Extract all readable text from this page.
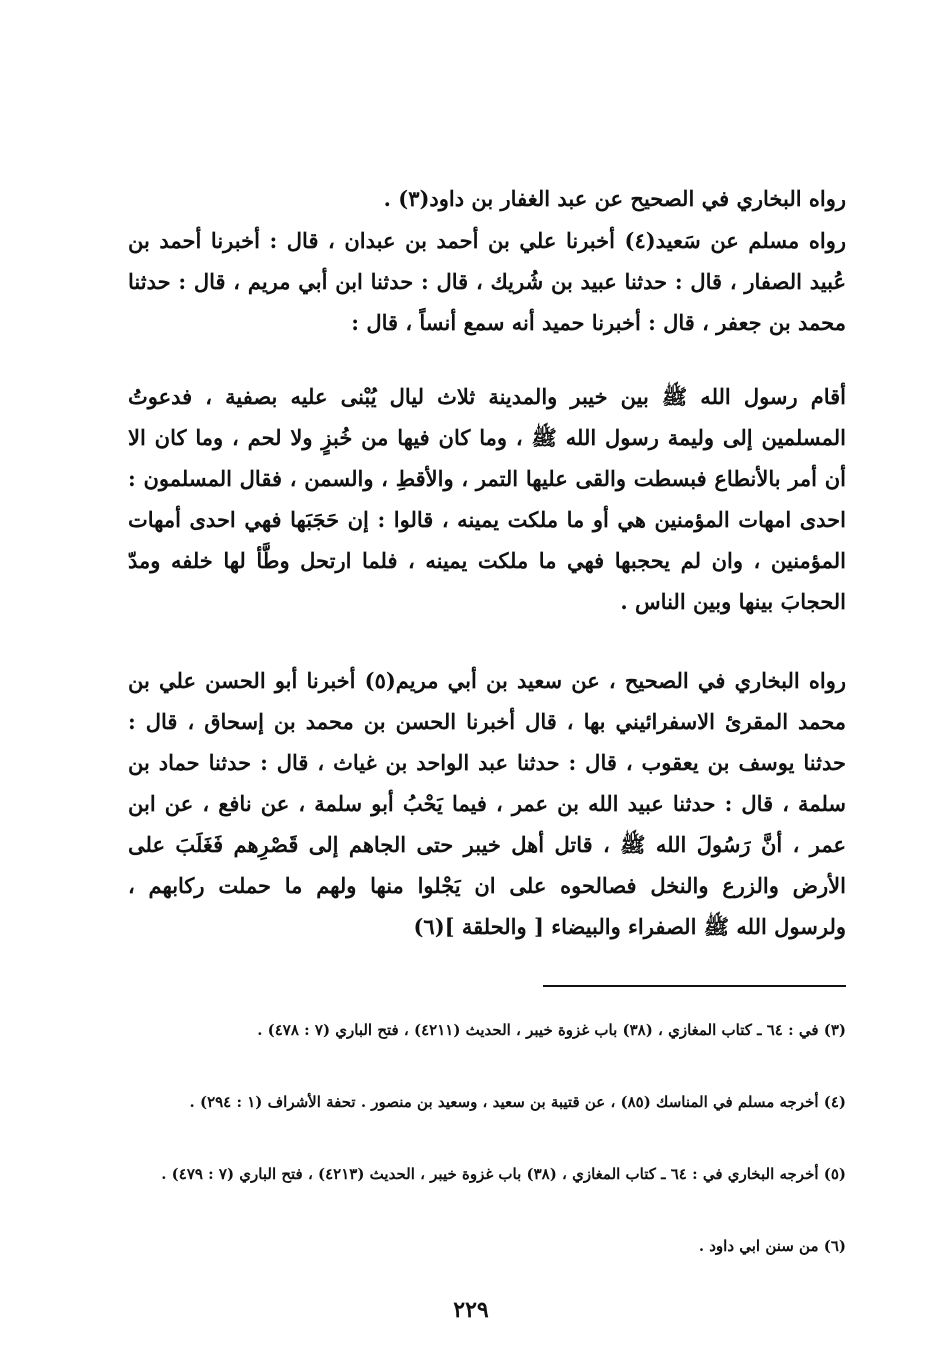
رواه البخاري في الصحيح عن عبد الغفار بن داود(٣) .

رواه مسلم عن سَعيد(٤) أخبرنا علي بن أحمد بن عبدان ، قال : أخبرنا أحمد بن عُبيد الصفار ، قال : حدثنا عبيد بن شُريك ، قال : حدثنا ابن أبي مريم ، قال : حدثنا محمد بن جعفر ، قال : أخبرنا حميد أنه سمع أنساً ، قال :

أقام رسول الله ﷺ بين خيبر والمدينة ثلاث ليال يُبْنى عليه بصفية ، فدعوتُ المسلمين إلى وليمة رسول الله ﷺ ، وما كان فيها من خُبزٍ ولا لحم ، وما كان الا أن أمر بالأنطاع فبسطت والقى عليها التمر ، والأقطِ ، والسمن ، فقال المسلمون : احدى امهات المؤمنين هي أو ما ملكت يمينه ، قالوا : إن حَجَبَها فهي احدى أمهات المؤمنين ، وان لم يحجبها فهي ما ملكت يمينه ، فلما ارتحل وطَّأ لها خلفه ومدّ الحجابَ بينها وبين الناس .

رواه البخاري في الصحيح ، عن سعيد بن أبي مريم(٥) أخبرنا أبو الحسن علي بن محمد المقرئ الاسفرائيني بها ، قال أخبرنا الحسن بن محمد بن إسحاق ، قال : حدثنا يوسف بن يعقوب ، قال : حدثنا عبد الواحد بن غياث ، قال : حدثنا حماد بن سلمة ، قال : حدثنا عبيد الله بن عمر ، فيما يَحْبُ أبو سلمة ، عن نافع ، عن ابن عمر ، أنَّ رَسُولَ الله ﷺ ، قاتل أهل خيبر حتى الجاهم إلى قَصْرِهم فَغَلَبَ على الأرض والزرع والنخل فصالحوه على ان يَجْلوا منها ولهم ما حملت ركابهم ، ولرسول الله ﷺ الصفراء والبيضاء [ والحلقة ](٦)

(٣) في : ٦٤ ـ كتاب المغازي ، (٣٨) باب غزوة خيبر ، الحديث (٤٢١١) ، فتح الباري (٧ : ٤٧٨) .

(٤) أخرجه مسلم في المناسك (٨٥) ، عن قتيبة بن سعيد ، وسعيد بن منصور . تحفة الأشراف (١ : ٢٩٤) .

(٥) أخرجه البخاري في : ٦٤ ـ كتاب المغازي ، (٣٨) باب غزوة خيبر ، الحديث (٤٢١٣) ، فتح الباري (٧ : ٤٧٩) .

(٦) من سنن ابي داود .

٢٢٩
